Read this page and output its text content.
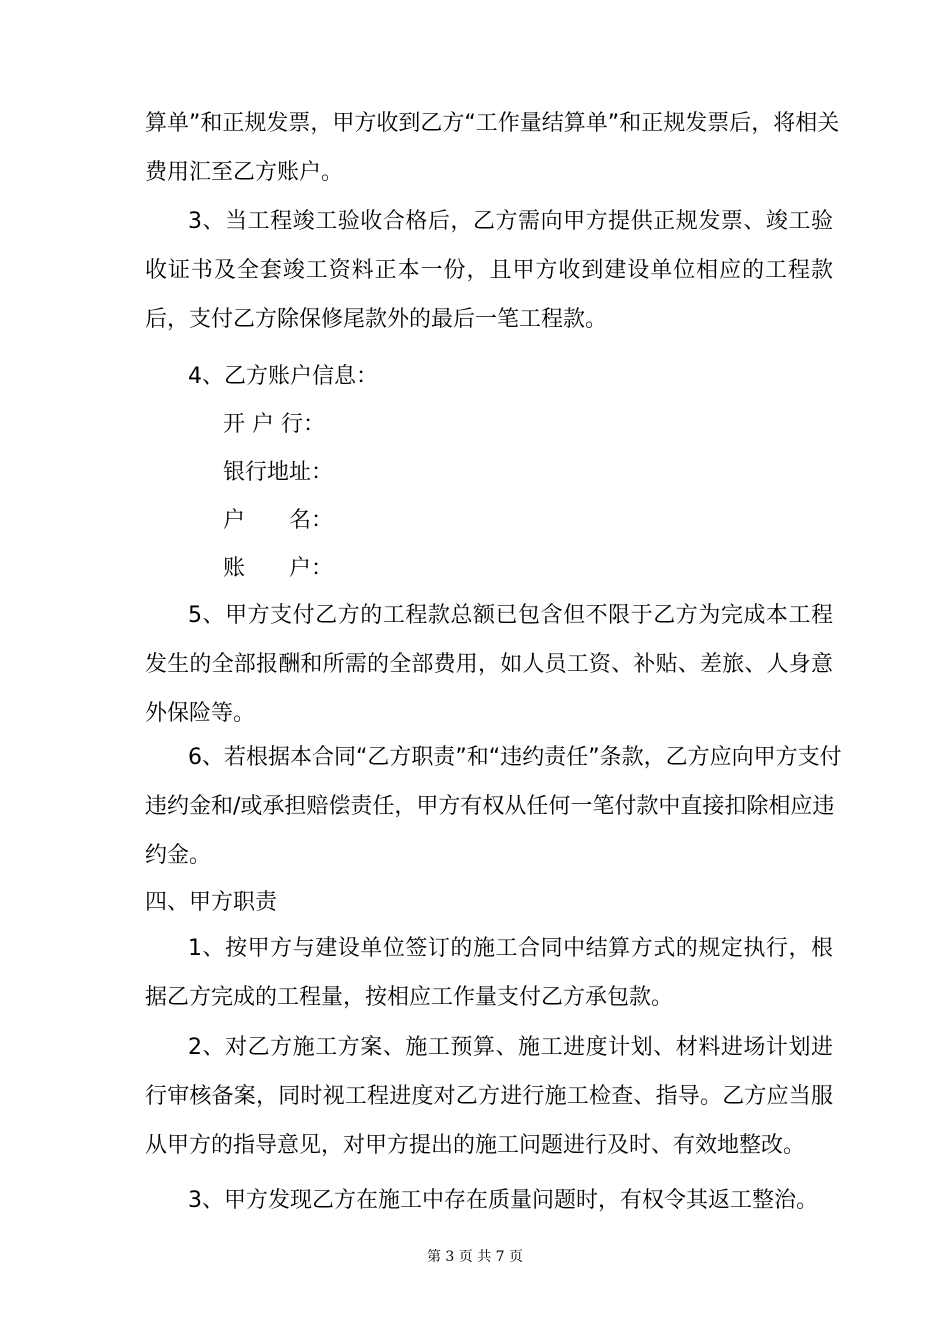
算单”和正规发票，甲方收到乙方“工作量结算单”和正规发票后，将相关
费用汇至乙方账户。
3、当工程竣工验收合格后，乙方需向甲方提供正规发票、竣工验
收证书及全套竣工资料正本一份，且甲方收到建设单位相应的工程款
后，支付乙方除保修尾款外的最后一笔工程款。
4、乙方账户信息：
开 户 行：
银行地址：
户　　名：
账　　户：
5、甲方支付乙方的工程款总额已包含但不限于乙方为完成本工程
发生的全部报酬和所需的全部费用，如人员工资、补贴、差旅、人身意
外保险等。
6、若根据本合同“乙方职责”和“违约责任”条款，乙方应向甲方支付
违约金和/或承担赔偿责任，甲方有权从任何一笔付款中直接扣除相应违
约金。
四、甲方职责
1、按甲方与建设单位签订的施工合同中结算方式的规定执行，根
据乙方完成的工程量，按相应工作量支付乙方承包款。
2、对乙方施工方案、施工预算、施工进度计划、材料进场计划进
行审核备案，同时视工程进度对乙方进行施工检查、指导。乙方应当服
从甲方的指导意见，对甲方提出的施工问题进行及时、有效地整改。
3、甲方发现乙方在施工中存在质量问题时，有权令其返工整治。
第 3 页 共 7 页
